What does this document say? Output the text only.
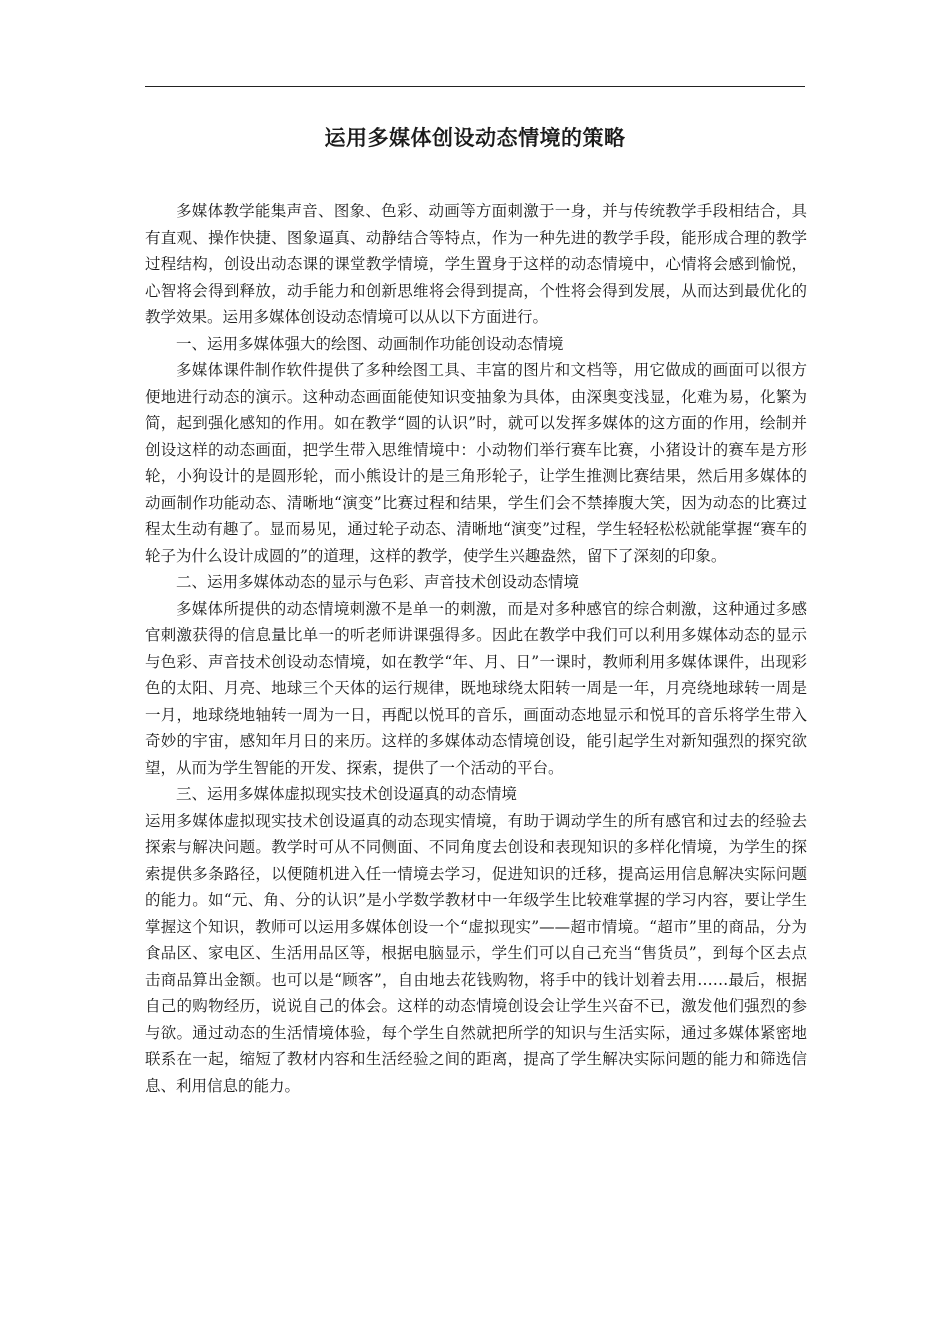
运用多媒体创设动态情境的策略

多媒体教学能集声音、图象、色彩、动画等方面刺激于一身，并与传统教学手段相结合，具有直观、操作快捷、图象逼真、动静结合等特点，作为一种先进的教学手段，能形成合理的教学过程结构，创设出动态课的课堂教学情境，学生置身于这样的动态情境中，心情将会感到愉悦，心智将会得到释放，动手能力和创新思维将会得到提高，个性将会得到发展，从而达到最优化的教学效果。运用多媒体创设动态情境可以从以下方面进行。

一、运用多媒体强大的绘图、动画制作功能创设动态情境

多媒体课件制作软件提供了多种绘图工具、丰富的图片和文档等，用它做成的画面可以很方便地进行动态的演示。这种动态画面能使知识变抽象为具体，由深奥变浅显，化难为易，化繁为简，起到强化感知的作用。如在教学“圆的认识”时，就可以发挥多媒体的这方面的作用，绘制并创设这样的动态画面，把学生带入思维情境中：小动物们举行赛车比赛，小猪设计的赛车是方形轮，小狗设计的是圆形轮，而小熊设计的是三角形轮子，让学生推测比赛结果，然后用多媒体的动画制作功能动态、清晰地“演变”比赛过程和结果，学生们会不禁捧腹大笑，因为动态的比赛过程太生动有趣了。显而易见，通过轮子动态、清晰地“演变”过程，学生轻轻松松就能掌握“赛车的轮子为什么设计成圆的”的道理，这样的教学，使学生兴趣盎然，留下了深刻的印象。

二、运用多媒体动态的显示与色彩、声音技术创设动态情境

多媒体所提供的动态情境刺激不是单一的刺激，而是对多种感官的综合刺激，这种通过多感官刺激获得的信息量比单一的听老师讲课强得多。因此在教学中我们可以利用多媒体动态的显示与色彩、声音技术创设动态情境，如在教学“年、月、日”一课时，教师利用多媒体课件，出现彩色的太阳、月亮、地球三个天体的运行规律，既地球绕太阳转一周是一年，月亮绕地球转一周是一月，地球绕地轴转一周为一日，再配以悦耳的音乐，画面动态地显示和悦耳的音乐将学生带入奇妙的宇宙，感知年月日的来历。这样的多媒体动态情境创设，能引起学生对新知强烈的探究欲望，从而为学生智能的开发、探索，提供了一个活动的平台。

三、运用多媒体虚拟现实技术创设逼真的动态情境

运用多媒体虚拟现实技术创设逼真的动态现实情境，有助于调动学生的所有感官和过去的经验去探索与解决问题。教学时可从不同侧面、不同角度去创设和表现知识的多样化情境，为学生的探索提供多条路径，以便随机进入任一情境去学习，促进知识的迁移，提高运用信息解决实际问题的能力。如“元、角、分的认识”是小学数学教材中一年级学生比较难掌握的学习内容，要让学生掌握这个知识，教师可以运用多媒体创设一个“虚拟现实”——超市情境。“超市”里的商品，分为食品区、家电区、生活用品区等，根据电脑显示，学生们可以自己充当“售货员”，到每个区去点击商品算出金额。也可以是“顾客”，自由地去花钱购物，将手中的钱计划着去用……最后，根据自己的购物经历，说说自己的体会。这样的动态情境创设会让学生兴奋不已，激发他们强烈的参与欲。通过动态的生活情境体验，每个学生自然就把所学的知识与生活实际，通过多媒体紧密地联系在一起，缩短了教材内容和生活经验之间的距离，提高了学生解决实际问题的能力和筛选信息、利用信息的能力。
